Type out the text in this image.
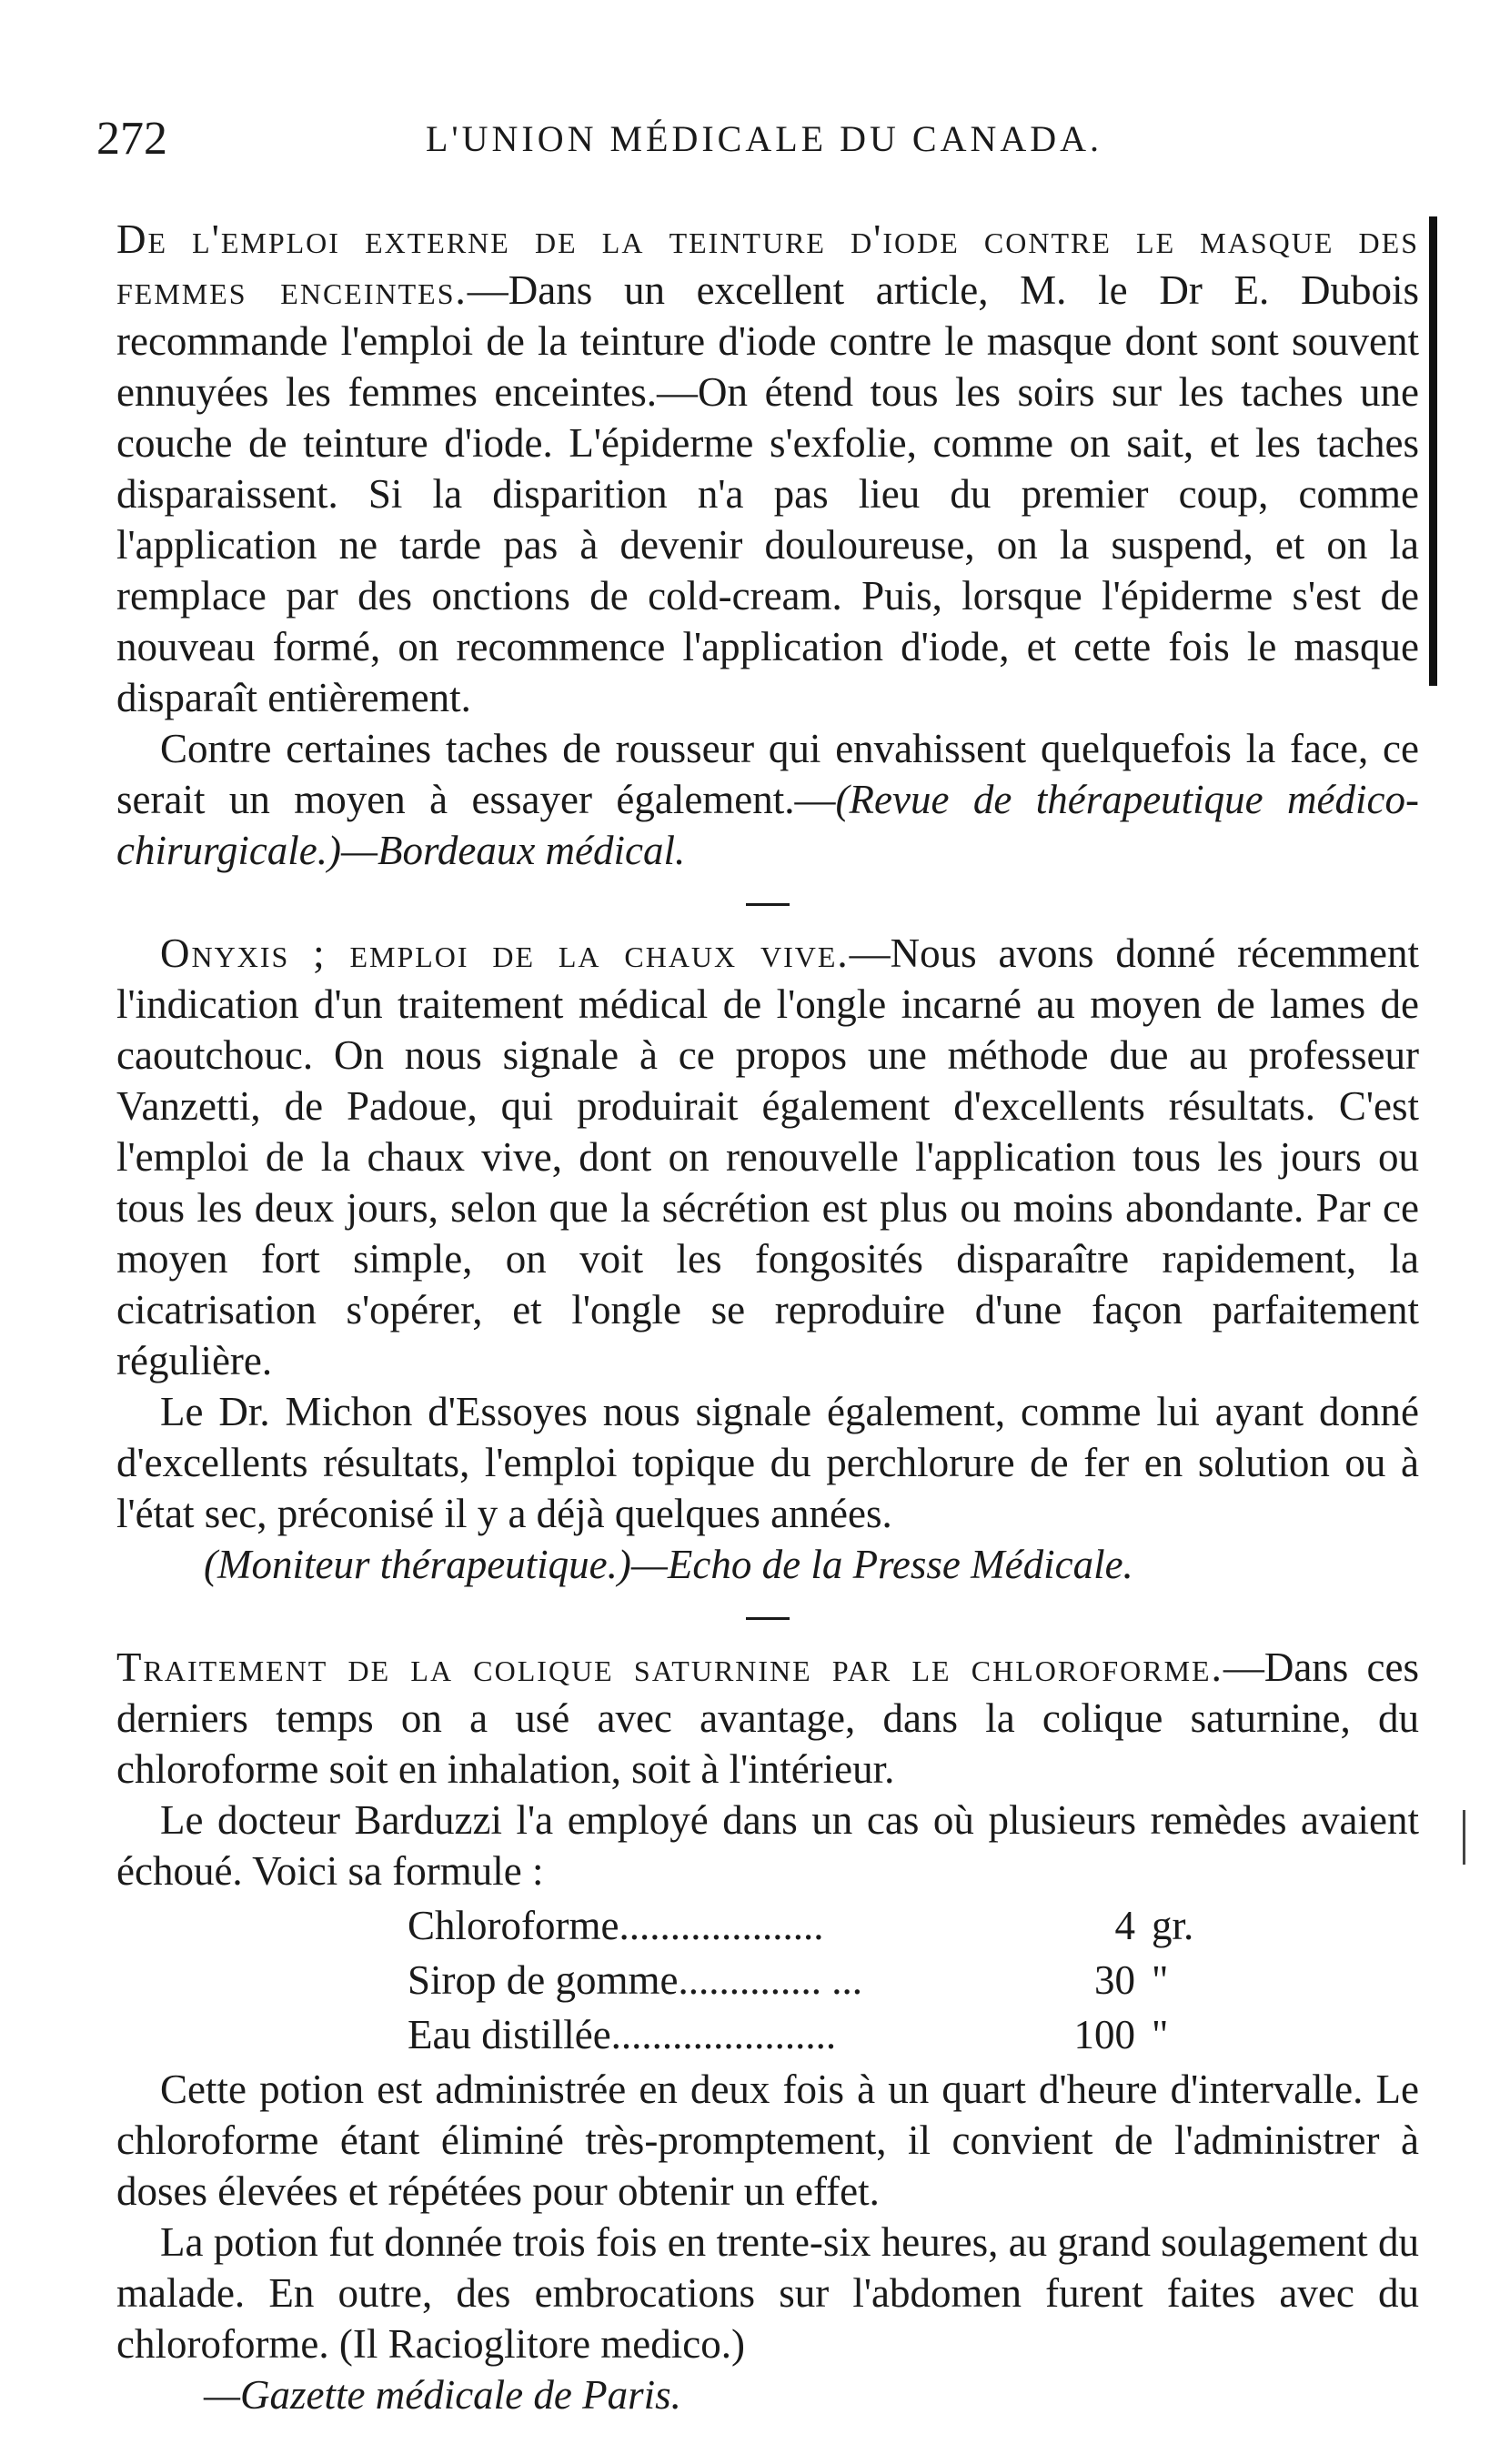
272	L'UNION MÉDICALE DU CANADA.

De l'emploi externe de la teinture d'iode contre le masque des femmes enceintes.—Dans un excellent article, M. le Dr E. Dubois recommande l'emploi de la teinture d'iode contre le masque dont sont souvent ennuyées les femmes enceintes.—On étend tous les soirs sur les taches une couche de teinture d'iode. L'épiderme s'exfolie, comme on sait, et les taches disparaissent. Si la disparition n'a pas lieu du premier coup, comme l'application ne tarde pas à devenir douloureuse, on la suspend, et on la remplace par des onctions de cold-cream. Puis, lorsque l'épiderme s'est de nouveau formé, on recommence l'application d'iode, et cette fois le masque disparaît entièrement.

Contre certaines taches de rousseur qui envahissent quelquefois la face, ce serait un moyen à essayer également.—(Revue de thérapeutique médico-chirurgicale.)—Bordeaux médical.

Onyxis ; emploi de la chaux vive.—Nous avons donné récemment l'indication d'un traitement médical de l'ongle incarné au moyen de lames de caoutchouc. On nous signale à ce propos une méthode due au professeur Vanzetti, de Padoue, qui produirait également d'excellents résultats. C'est l'emploi de la chaux vive, dont on renouvelle l'application tous les jours ou tous les deux jours, selon que la sécrétion est plus ou moins abondante. Par ce moyen fort simple, on voit les fongosités disparaître rapidement, la cicatrisation s'opérer, et l'ongle se reproduire d'une façon parfaitement régulière.

Le Dr. Michon d'Essoyes nous signale également, comme lui ayant donné d'excellents résultats, l'emploi topique du perchlorure de fer en solution ou à l'état sec, préconisé il y a déjà quelques années.

(Moniteur thérapeutique.)—Echo de la Presse Médicale.

Traitement de la colique saturnine par le chloroforme.—Dans ces derniers temps on a usé avec avantage, dans la colique saturnine, du chloroforme soit en inhalation, soit à l'intérieur.

Le docteur Barduzzi l'a employé dans un cas où plusieurs remèdes avaient échoué. Voici sa formule :

Chloroforme....................	4 gr.
Sirop de gomme.............. ...	30 "
Eau distillée......................	100 "

Cette potion est administrée en deux fois à un quart d'heure d'intervalle. Le chloroforme étant éliminé très-promptement, il convient de l'administrer à doses élevées et répétées pour obtenir un effet.

La potion fut donnée trois fois en trente-six heures, au grand soulagement du malade. En outre, des embrocations sur l'abdomen furent faites avec du chloroforme. (Il Racioglitore medico.)

—Gazette médicale de Paris.
